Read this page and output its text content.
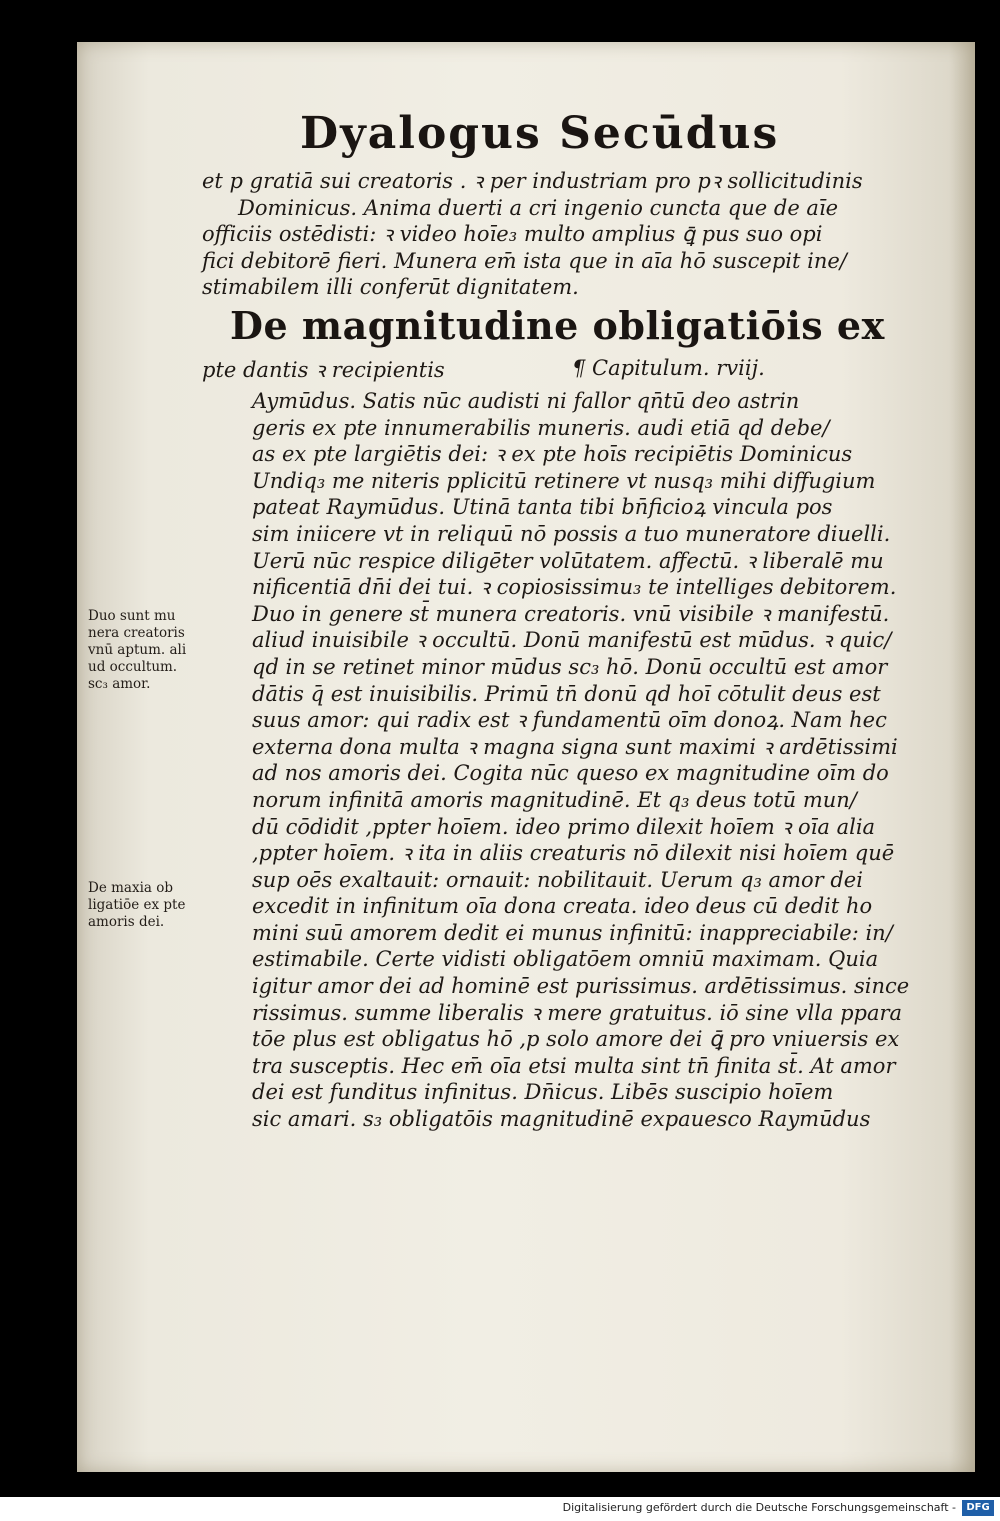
Dyalogus Secūdus
et p gratiā sui creatoris . ꝛ per industriam pro pꝛ sollicitudinis
Dominicus. Anima duerti a cri ingenio cuncta que de aīe
officiis ostēdisti: ꝛ video hoīe₃ multo amplius ꝗ̄ pus suo opi
fici debitorē fieri. Munera em̄ ista que in aīa hō suscepit ine/
stimabilem illi conferūt dignitatem.
De magnitudine obligatiōis ex
pte dantis ꝛ recipientis	¶ Capitulum. rviij.
Aymūdus. Satis nūc audisti ni fallor qn̄tū deo astrin
geris ex pte innumerabilis muneris. audi etiā qd debe/
as ex pte largiētis dei: ꝛ ex pte hoīs recipiētis Dominicus
Undiq₃ me niteris pplicitū retinere vt nusq₃ mihi diffugium
pateat Raymūdus. Utinā tanta tibi bn̄ficioꝝ vincula pos
sim iniicere vt in reliquū nō possis a tuo muneratore diuelli.
Uerū nūc respice diligēter volūtatem. affectū. ꝛ liberalē mu
nificentiā dn̄i dei tui. ꝛ copiosissimu₃ te intelliges debitorem.
Duo in genere st̄ munera creatoris. vnū visibile ꝛ manifestū.
aliud inuisibile ꝛ occultū. Donū manifestū est mūdus. ꝛ quic/
qd in se retinet minor mūdus sc₃ hō. Donū occultū est amor
dātis q̄ est inuisibilis. Primū tn̄ donū qd hoī cōtulit deus est
suus amor: qui radix est ꝛ fundamentū oīm donoꝝ. Nam hec
externa dona multa ꝛ magna signa sunt maximi ꝛ ardētissimi
ad nos amoris dei. Cogita nūc queso ex magnitudine oīm do
norum infinitā amoris magnitudinē. Et q₃ deus totū mun/
dū cōdidit ,ppter hoīem. ideo primo dilexit hoīem ꝛ oīa alia
,ppter hoīem. ꝛ ita in aliis creaturis nō dilexit nisi hoīem quē
sup oēs exaltauit: ornauit: nobilitauit. Uerum q₃ amor dei
excedit in infinitum oīa dona creata. ideo deus cū dedit ho
mini suū amorem dedit ei munus infinitū: inappreciabile: in/
estimabile. Certe vidisti obligatōem omniū maximam. Quia
igitur amor dei ad hominē est purissimus. ardētissimus. since
rissimus. summe liberalis ꝛ mere gratuitus. iō sine vlla ppara
tōe plus est obligatus hō ,p solo amore dei ꝗ̄ pro vniuersis ex
tra susceptis. Hec em̄ oīa etsi multa sint tn̄ finita st̄. At amor
dei est funditus infinitus. Dn̄icus. Libēs suscipio hoīem
sic amari. s₃ obligatōis magnitudinē expauesco Raymūdus
Duo sunt mu
nera creatoris
vnū aptum. ali
ud occultum.
sc₃ amor.
De maxia ob
ligatiōe ex pte
amoris dei.
Digitalisierung gefördert durch die Deutsche Forschungsgemeinschaft -	DFG
